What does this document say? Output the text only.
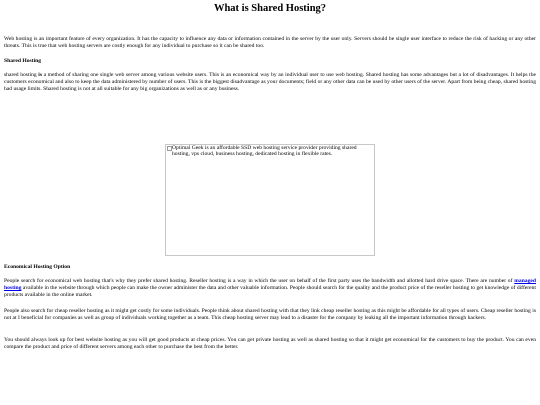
What is Shared Hosting?

Web hosting is an important feature of every organization. It has the capacity to influence any data or information contained in the server by the user only. Servers should be single user interface to reduce the risk of hacking or any other threats. This is true that web hosting servers are costly enough for any individual to purchase so it can be shared too.

Shared Hosting

shared hosting is a method of sharing one single web server among various website users. This is an economical way by an individual user to use web hosting. Shared hosting has some advantages but a lot of disadvantages. It helps the customers economical and also to keep the data administered by number of users. This is the biggest disadvantage as your documents; field or any other data can be used by other users of the server. Apart from being cheap, shared hosting had usage limits. Shared hosting is not at all suitable for any big organizations as well as or any business.

Optimal Geek is an affordable SSD web hosting service provider providing shared hosting, vps cloud, business hosting, dedicated hosting in flexible rates.

Economical Hosting Option

People search for economical web hosting that's why they prefer shared hosting. Reseller hosting is a way in which the user on behalf of the first party uses the bandwidth and allotted hard drive space. There are number of managed hosting available in the website through which people can make the owner administer the data and other valuable information. People should search for the quality and the product price of the reseller hosting to get knowledge of different products available in the online market.

People also search for cheap reseller hosting as it might get costly for some individuals. People think about shared hosting with that they link cheap reseller hosting as this might be affordable for all types of users. Cheap reseller hosting is not at I beneficial for companies as well as group of individuals working together as a team. This cheap hosting server may lead to a disaster for the company by leaking all the important information through hackers.

You should always look up for best website hosting as you will get good products at cheap prices. You can get private hosting as well as shared hosting so that it might get economical for the customers to buy the product. You can even compare the product and price of different servers among each other to purchase the best from the better.
